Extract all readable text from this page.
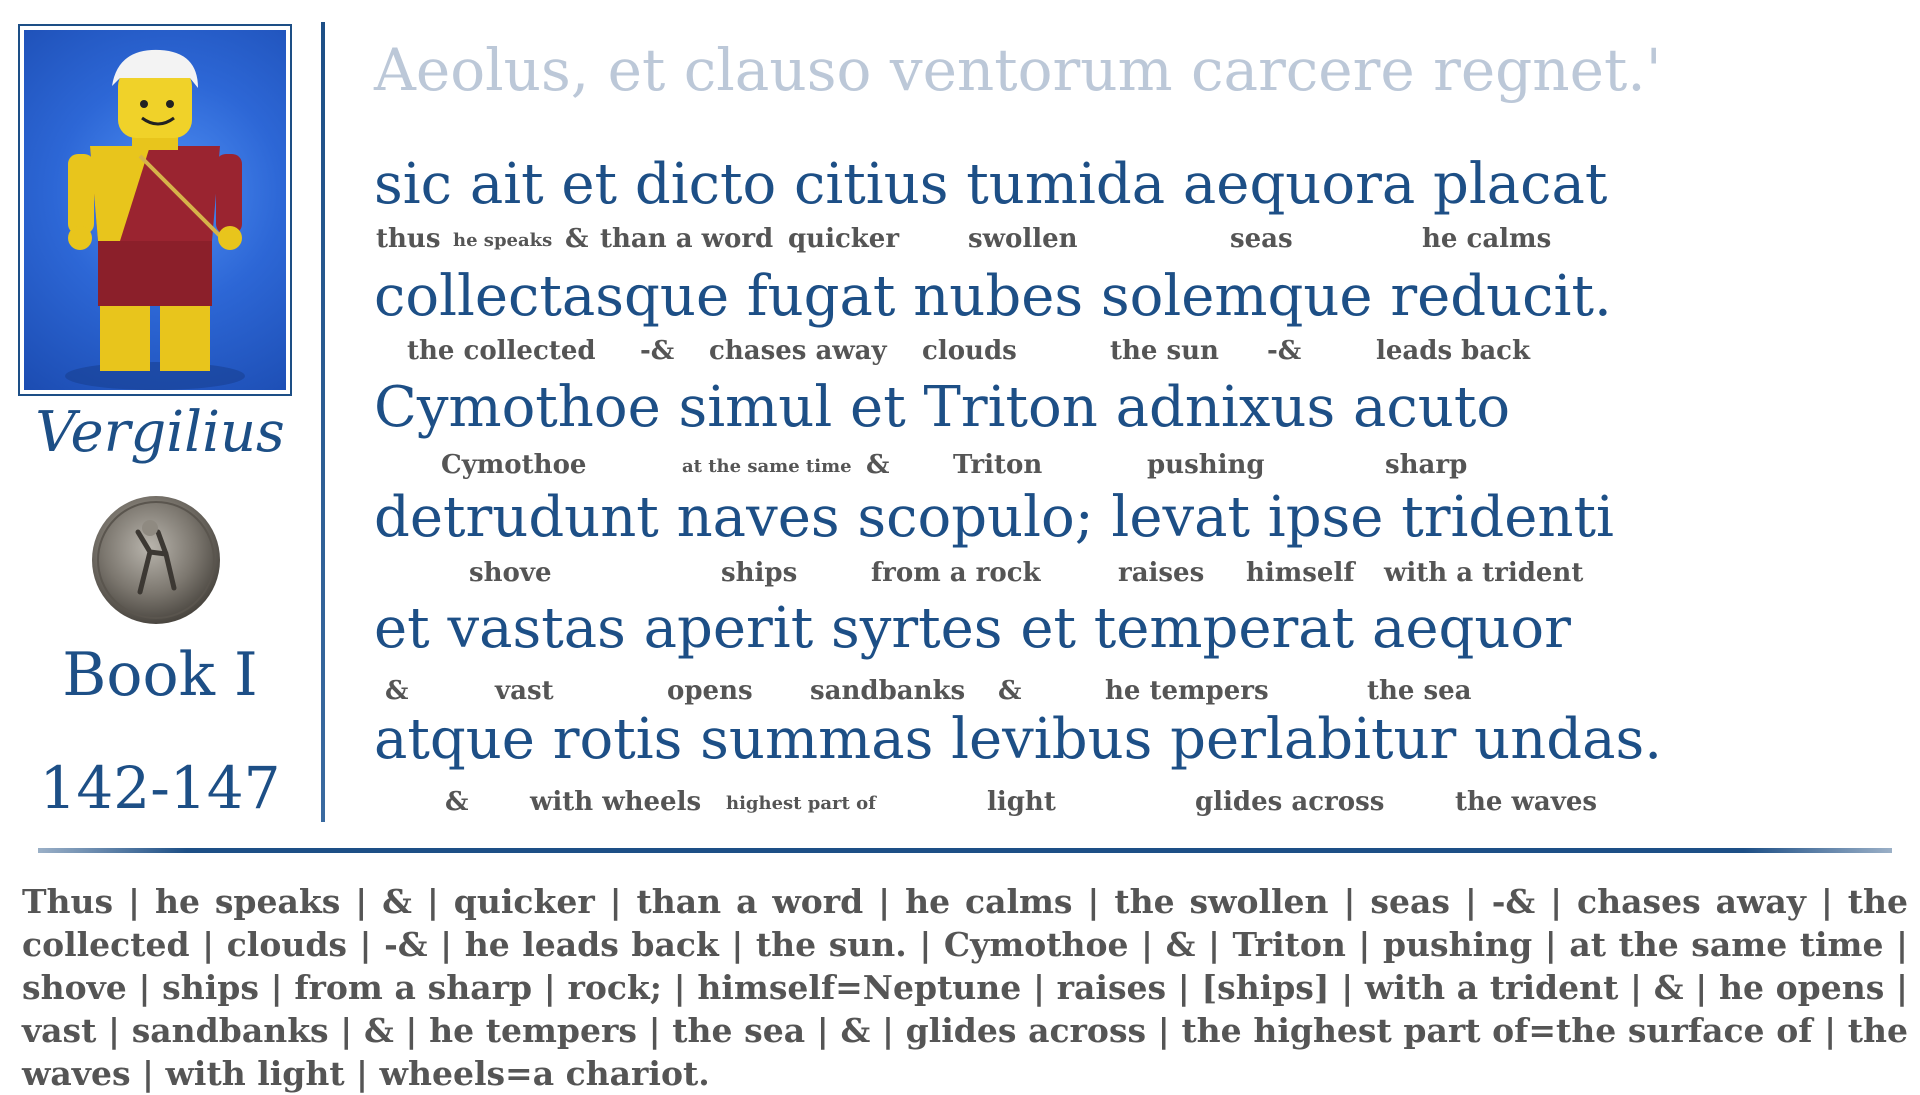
Vergilius
Book I
142-147
Aeolus, et clauso ventorum carcere regnet.'
sic ait et dicto citius tumida aequora placat
thus he speaks & than a word quicker	swollen	seas	he calms
collectasque fugat nubes solemque reducit.
the collected -& chases away clouds	the sun -&	leads back
Cymothoe simul et Triton adnixus acuto
Cymothoe	at the same time & Triton	pushing	sharp
detrudunt naves scopulo; levat ipse tridenti
shove	ships	from a rock	raises himself with a trident
et vastas aperit syrtes et temperat aequor
&	vast	opens sandbanks &	he tempers	the sea
atque rotis summas levibus perlabitur undas.
& with wheels highest part of	light	glides across	the waves
Thus | he speaks | & | quicker | than a word | he calms | the swollen | seas | -& | chases away | the collected | clouds | -& | he leads back | the sun. | Cymothoe | & | Triton | pushing | at the same time | shove | ships | from a sharp | rock; | himself=Neptune | raises | [ships] | with a trident | & | he opens | vast | sandbanks | & | he tempers | the sea | & | glides across | the highest part of=the surface of | the waves | with light | wheels=a chariot.
